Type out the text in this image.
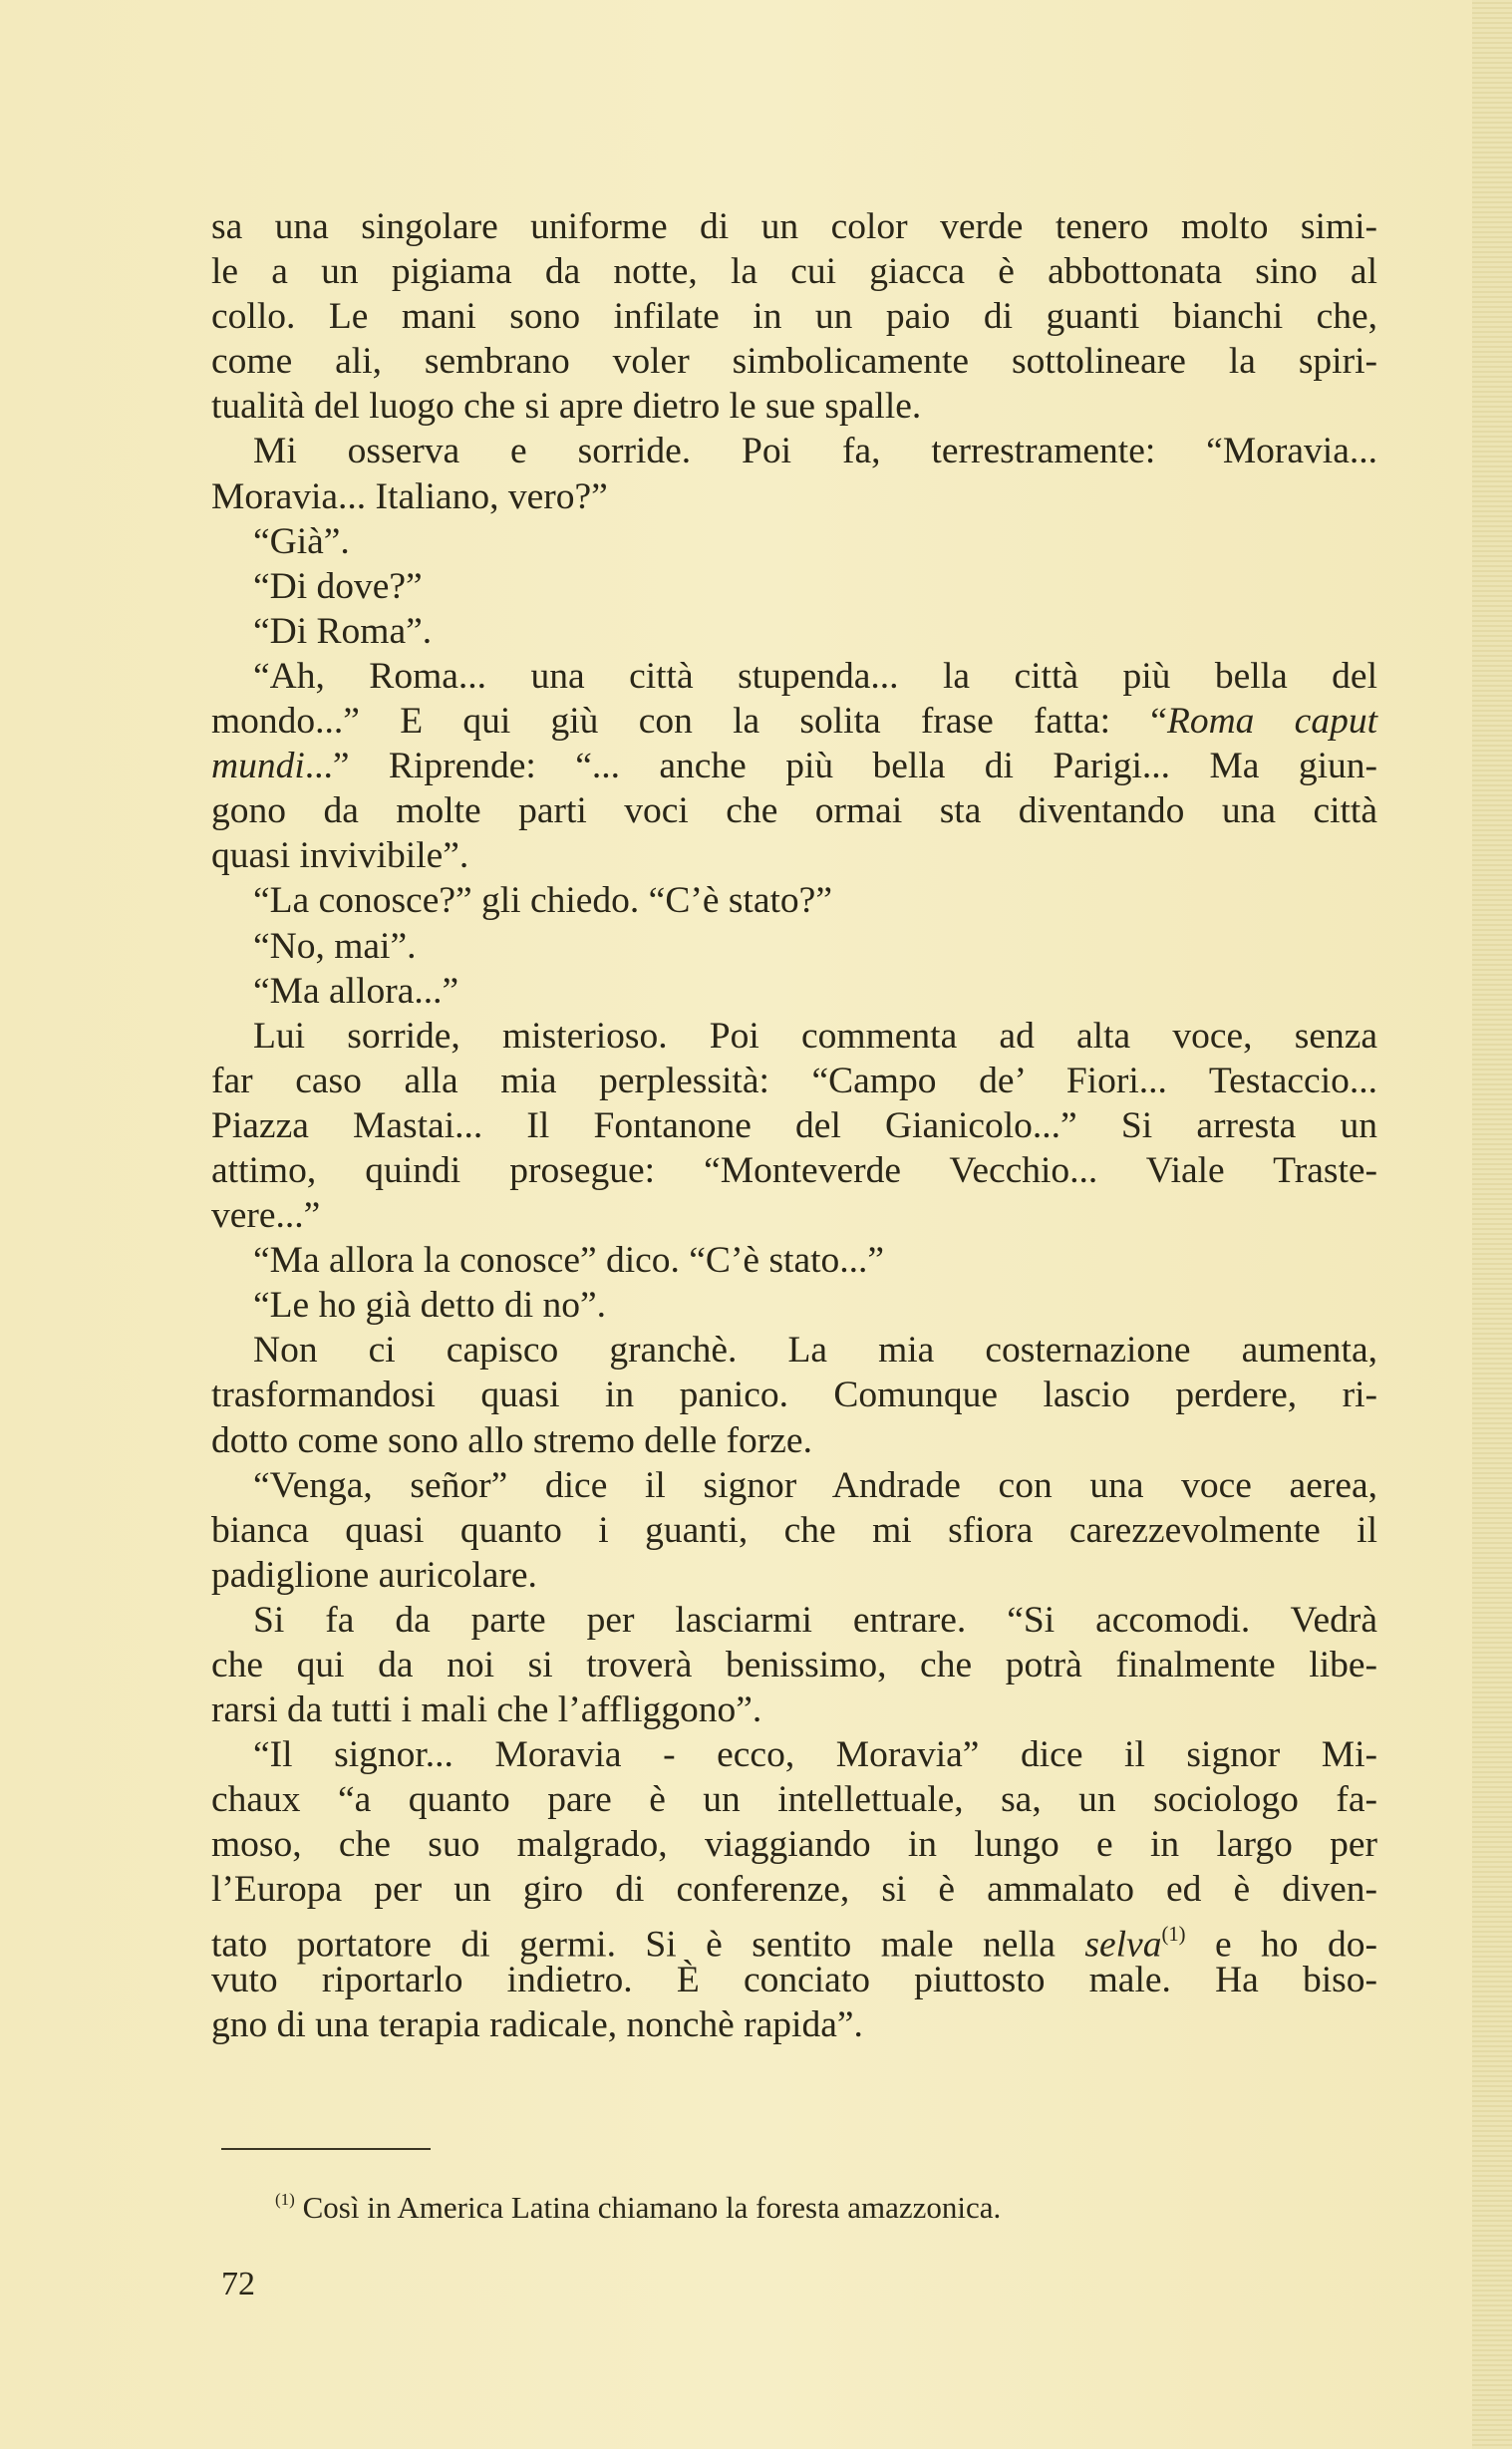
sa una singolare uniforme di un color verde tenero molto simi-
le a un pigiama da notte, la cui giacca è abbottonata sino al
collo. Le mani sono infilate in un paio di guanti bianchi che,
come ali, sembrano voler simbolicamente sottolineare la spiri-
tualità del luogo che si apre dietro le sue spalle.
Mi osserva e sorride. Poi fa, terrestramente: “Moravia...
Moravia... Italiano, vero?”
“Già”.
“Di dove?”
“Di Roma”.
“Ah, Roma... una città stupenda... la città più bella del
mondo...” E qui giù con la solita frase fatta: “Roma caput
mundi...” Riprende: “... anche più bella di Parigi... Ma giun-
gono da molte parti voci che ormai sta diventando una città
quasi invivibile”.
“La conosce?” gli chiedo. “C’è stato?”
“No, mai”.
“Ma allora...”
Lui sorride, misterioso. Poi commenta ad alta voce, senza
far caso alla mia perplessità: “Campo de’ Fiori... Testaccio...
Piazza Mastai... Il Fontanone del Gianicolo...” Si arresta un
attimo, quindi prosegue: “Monteverde Vecchio... Viale Traste-
vere...”
“Ma allora la conosce” dico. “C’è stato...”
“Le ho già detto di no”.
Non ci capisco granchè. La mia costernazione aumenta,
trasformandosi quasi in panico. Comunque lascio perdere, ri-
dotto come sono allo stremo delle forze.
“Venga, señor” dice il signor Andrade con una voce aerea,
bianca quasi quanto i guanti, che mi sfiora carezzevolmente il
padiglione auricolare.
Si fa da parte per lasciarmi entrare. “Si accomodi. Vedrà
che qui da noi si troverà benissimo, che potrà finalmente libe-
rarsi da tutti i mali che l’affliggono”.
“Il signor... Moravia - ecco, Moravia” dice il signor Mi-
chaux “a quanto pare è un intellettuale, sa, un sociologo fa-
moso, che suo malgrado, viaggiando in lungo e in largo per
l’Europa per un giro di conferenze, si è ammalato ed è diven-
tato portatore di germi. Si è sentito male nella selva$^{(1)}$ e ho do-
vuto riportarlo indietro. È conciato piuttosto male. Ha biso-
gno di una terapia radicale, nonchè rapida”.
$^{(1)}$ Così in America Latina chiamano la foresta amazzonica.
72
